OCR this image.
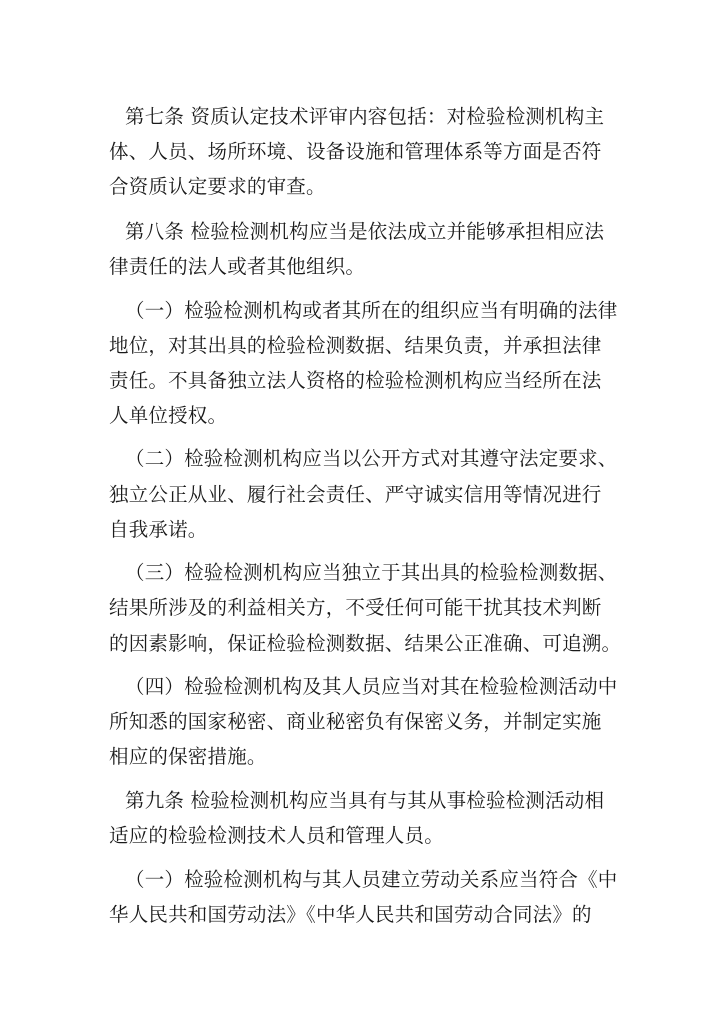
第七条 资质认定技术评审内容包括：对检验检测机构主
体、人员、场所环境、设备设施和管理体系等方面是否符
合资质认定要求的审查。
第八条 检验检测机构应当是依法成立并能够承担相应法
律责任的法人或者其他组织。
（一）检验检测机构或者其所在的组织应当有明确的法律
地位，对其出具的检验检测数据、结果负责，并承担法律
责任。不具备独立法人资格的检验检测机构应当经所在法
人单位授权。
（二）检验检测机构应当以公开方式对其遵守法定要求、
独立公正从业、履行社会责任、严守诚实信用等情况进行
自我承诺。
（三）检验检测机构应当独立于其出具的检验检测数据、
结果所涉及的利益相关方，不受任何可能干扰其技术判断
的因素影响，保证检验检测数据、结果公正准确、可追溯。
（四）检验检测机构及其人员应当对其在检验检测活动中
所知悉的国家秘密、商业秘密负有保密义务，并制定实施
相应的保密措施。
第九条 检验检测机构应当具有与其从事检验检测活动相
适应的检验检测技术人员和管理人员。
（一）检验检测机构与其人员建立劳动关系应当符合《中
华人民共和国劳动法》《中华人民共和国劳动合同法》的
